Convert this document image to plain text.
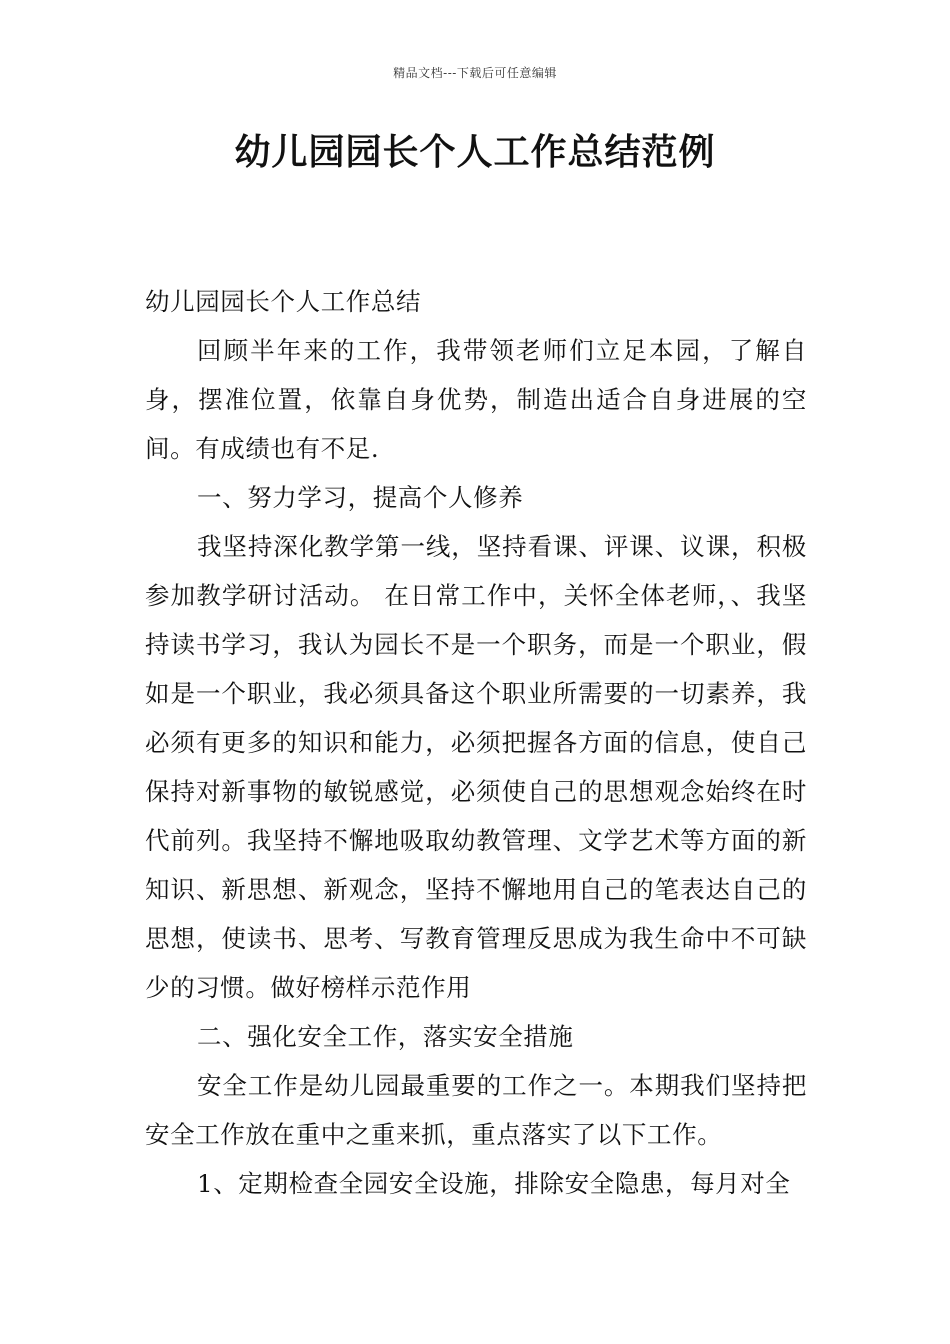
精品文档---下载后可任意编辑
幼儿园园长个人工作总结范例

幼儿园园长个人工作总结

回顾半年来的工作，我带领老师们立足本园，了解自身，摆准位置，依靠自身优势，制造出适合自身进展的空间。有成绩也有不足.

一、努力学习，提高个人修养

我坚持深化教学第一线，坚持看课、评课、议课，积极参加教学研讨活动。 在日常工作中，关怀全体老师，、我坚持读书学习，我认为园长不是一个职务，而是一个职业，假如是一个职业，我必须具备这个职业所需要的一切素养，我必须有更多的知识和能力，必须把握各方面的信息，使自己保持对新事物的敏锐感觉，必须使自己的思想观念始终在时代前列。我坚持不懈地吸取幼教管理、文学艺术等方面的新知识、新思想、新观念，坚持不懈地用自己的笔表达自己的思想，使读书、思考、写教育管理反思成为我生命中不可缺少的习惯。做好榜样示范作用

二、强化安全工作，落实安全措施

安全工作是幼儿园最重要的工作之一。本期我们坚持把安全工作放在重中之重来抓，重点落实了以下工作。

1、定期检查全园安全设施，排除安全隐患，每月对全
